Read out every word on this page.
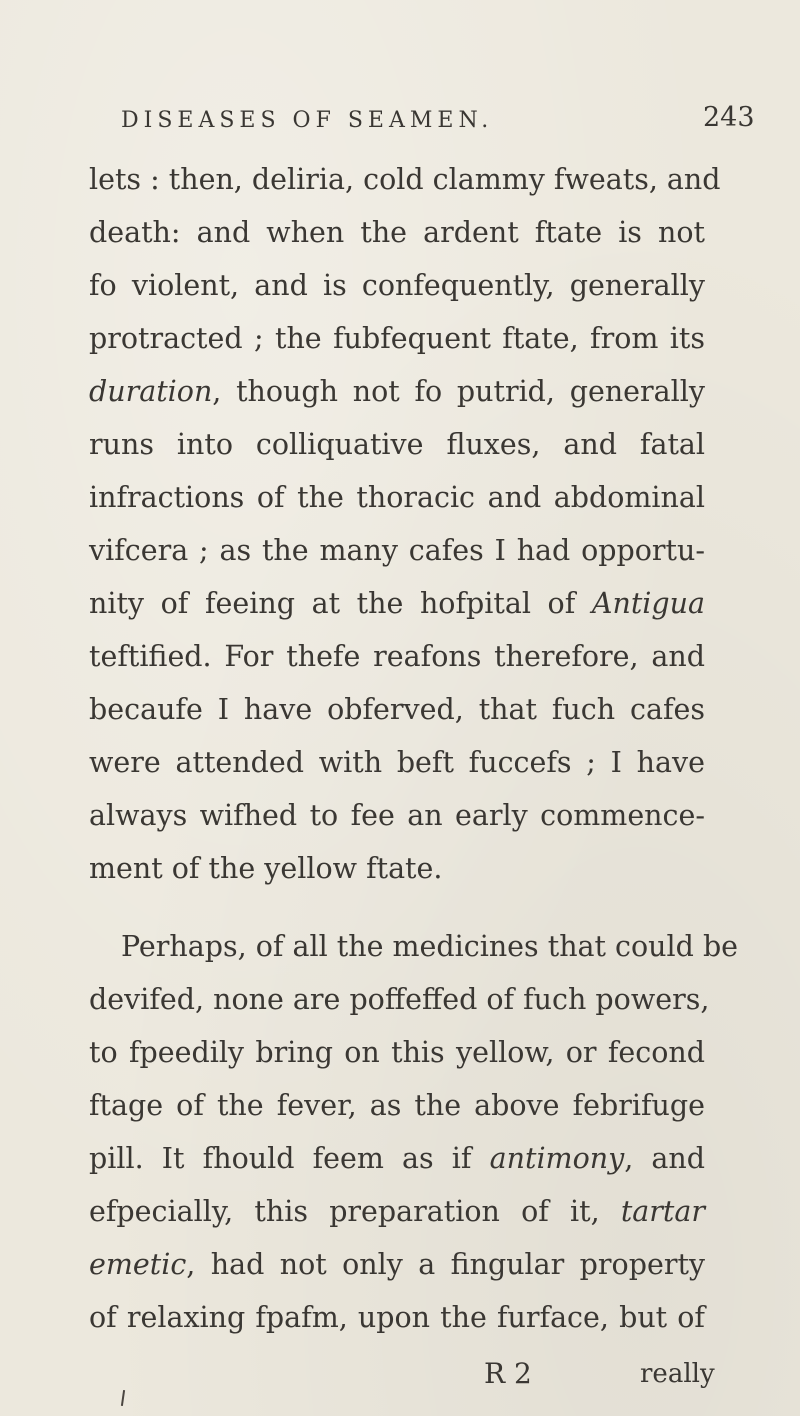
DISEASES OF SEAMEN.	243
lets : then, deliria, cold clammy fweats, and
death: and when the ardent ftate is not
fo violent, and is confequently, generally
protracted ; the fubfequent ftate, from its
duration, though not fo putrid, generally
runs into colliquative fluxes, and fatal
infractions of the thoracic and abdominal
vifcera ; as the many cafes I had opportu-
nity of feeing at the hofpital of Antigua
teftified. For thefe reafons therefore, and
becaufe I have obferved, that fuch cafes
were attended with beft fuccefs ; I have
always wifhed to fee an early commence-
ment of the yellow ftate.
Perhaps, of all the medicines that could be
devifed, none are poffeffed of fuch powers,
to fpeedily bring on this yellow, or fecond
ftage of the fever, as the above febrifuge
pill. It fhould feem as if antimony, and
efpecially, this preparation of it, tartar
emetic, had not only a fingular property
of relaxing fpafm, upon the furface, but of
R 2	really
